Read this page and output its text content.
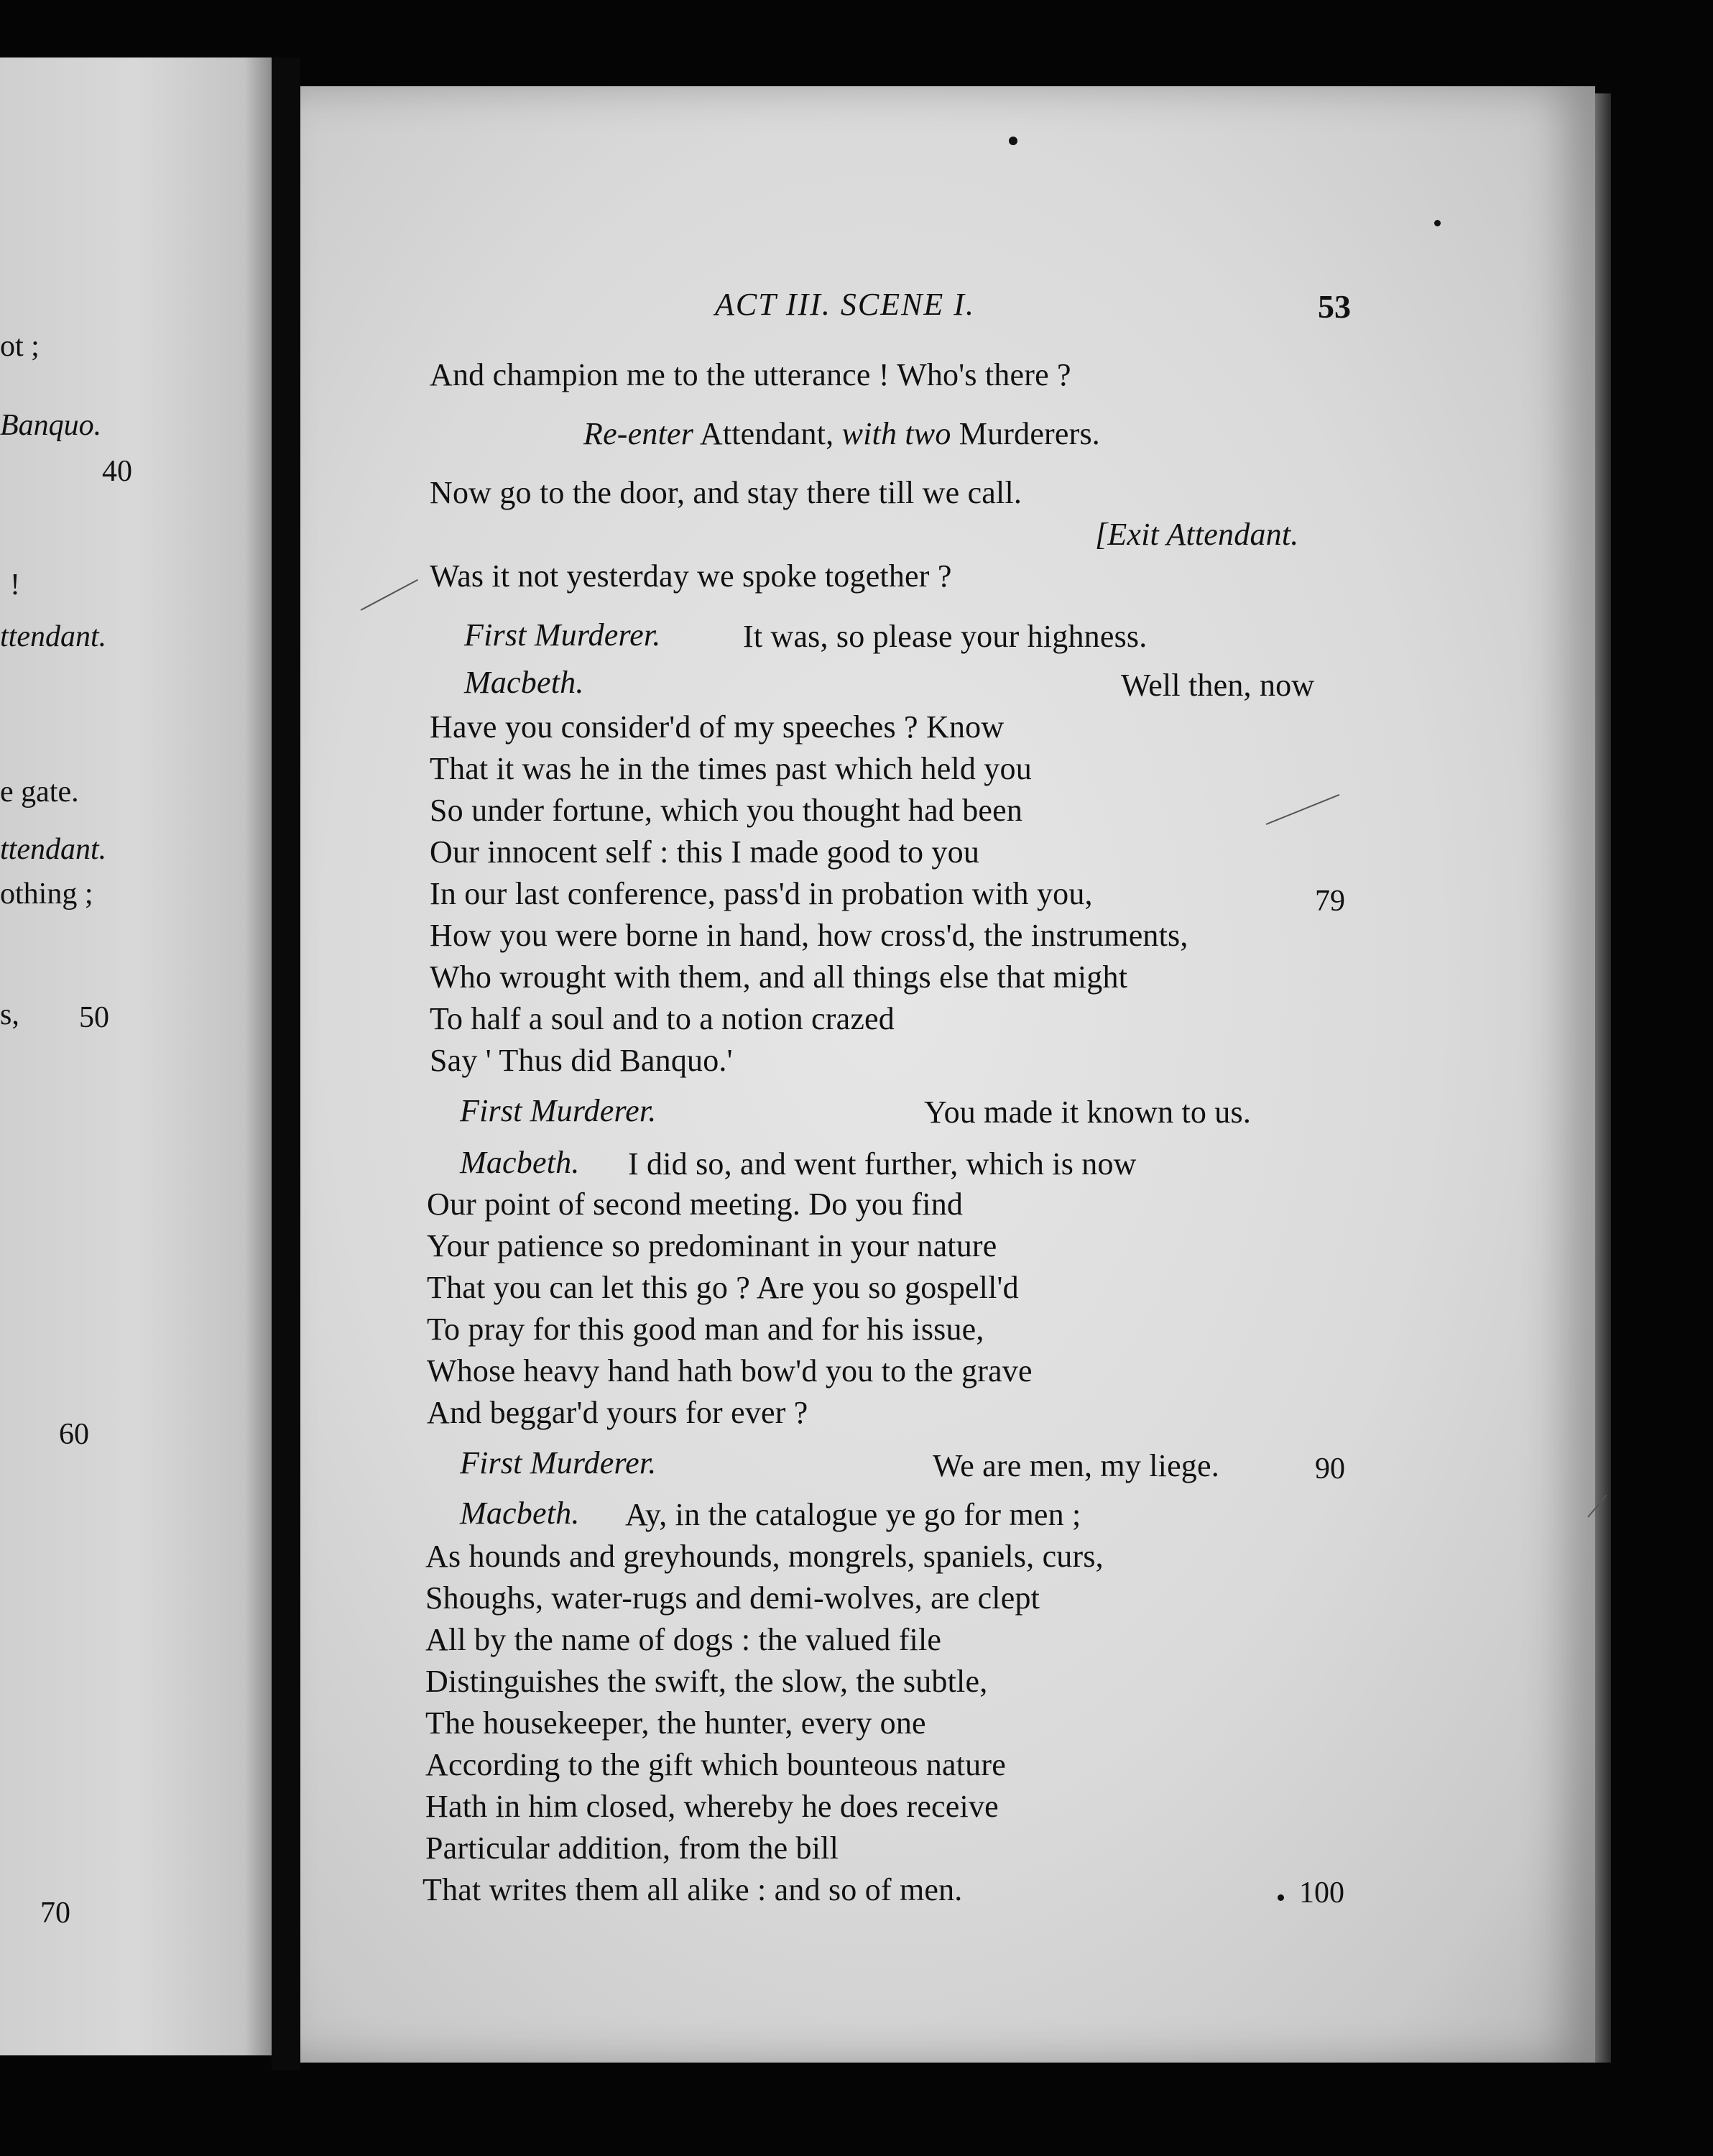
ot ;
Banquo.
40
!
ttendant.
e gate.
ttendant.
othing ;
s, 50
60
70
ACT III. SCENE I.	53
And champion me to the utterance ! Who's there ?
Re-enter Attendant, with two Murderers.
Now go to the door, and stay there till we call.
[Exit Attendant.
Was it not yesterday we spoke together ?
First Murderer.	It was, so please your highness.
Macbeth.	Well then, now
Have you consider'd of my speeches ? Know
That it was he in the times past which held you
So under fortune, which you thought had been
Our innocent self : this I made good to you
In our last conference, pass'd in probation with you,	79
How you were borne in hand, how cross'd, the instruments,
Who wrought with them, and all things else that might
To half a soul and to a notion crazed
Say ' Thus did Banquo.'
First Murderer.	You made it known to us.
Macbeth. I did so, and went further, which is now
Our point of second meeting. Do you find
Your patience so predominant in your nature
That you can let this go ? Are you so gospell'd
To pray for this good man and for his issue,
Whose heavy hand hath bow'd you to the grave
And beggar'd yours for ever ?
First Murderer.	We are men, my liege.	90
Macbeth. Ay, in the catalogue ye go for men ;
As hounds and greyhounds, mongrels, spaniels, curs,
Shoughs, water-rugs and demi-wolves, are clept
All by the name of dogs : the valued file
Distinguishes the swift, the slow, the subtle,
The housekeeper, the hunter, every one
According to the gift which bounteous nature
Hath in him closed, whereby he does receive
Particular addition, from the bill
That writes them all alike : and so of men.	100
